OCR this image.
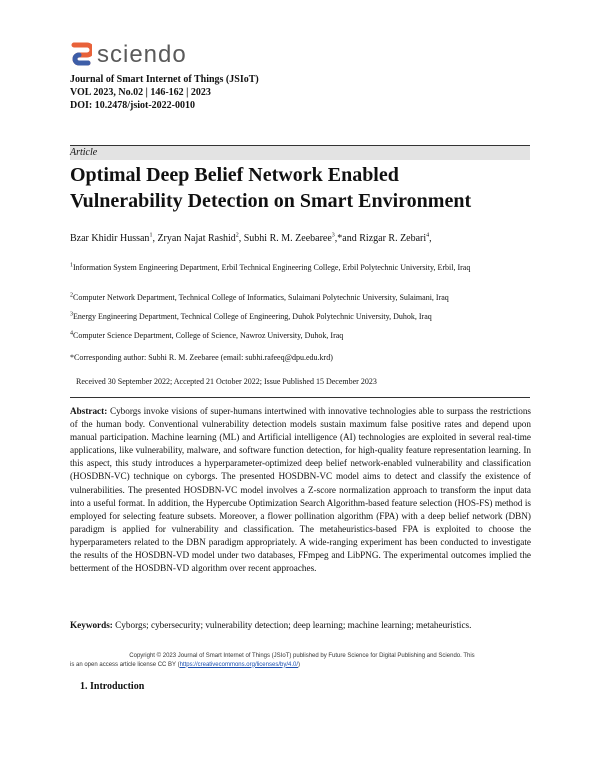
sciendo
Journal of Smart Internet of Things (JSIoT)
VOL 2023, No.02 | 146-162 | 2023
DOI: 10.2478/jsiot-2022-0010
Article
Optimal Deep Belief Network Enabled
Vulnerability Detection on Smart Environment
Bzar Khidir Hussan$^1$, Zryan Najat Rashid$^2$, Subhi R. M. Zeebaree$^3$,*and Rizgar R. Zebari$^4$,
$^1$Information System Engineering Department, Erbil Technical Engineering College, Erbil Polytechnic University, Erbil, Iraq
$^2$Computer Network Department, Technical College of Informatics, Sulaimani Polytechnic University, Sulaimani, Iraq
$^3$Energy Engineering Department, Technical College of Engineering, Duhok Polytechnic University, Duhok, Iraq
$^4$Computer Science Department, College of Science, Nawroz University, Duhok, Iraq
*Corresponding author: Subhi R. M. Zeebaree (email: subhi.rafeeq@dpu.edu.krd)
Received 30 September 2022; Accepted 21 October 2022; Issue Published 15 December 2023
Abstract: Cyborgs invoke visions of super-humans intertwined with innovative technologies able to surpass the restrictions of the human body. Conventional vulnerability detection models sustain maximum false positive rates and depend upon manual participation. Machine learning (ML) and Artificial intelligence (AI) technologies are exploited in several real-time applications, like vulnerability, malware, and software function detection, for high-quality feature representation learning. In this aspect, this study introduces a hyperparameter-optimized deep belief network-enabled vulnerability and classification (HOSDBN-VC) technique on cyborgs. The presented HOSDBN-VC model aims to detect and classify the existence of vulnerabilities. The presented HOSDBN-VC model involves a Z-score normalization approach to transform the input data into a useful format. In addition, the Hypercube Optimization Search Algorithm-based feature selection (HOS-FS) method is employed for selecting feature subsets. Moreover, a flower pollination algorithm (FPA) with a deep belief network (DBN) paradigm is applied for vulnerability and classification. The metaheuristics-based FPA is exploited to choose the hyperparameters related to the DBN paradigm appropriately. A wide-ranging experiment has been conducted to investigate the results of the HOSDBN-VD model under two databases, FFmpeg and LibPNG. The experimental outcomes implied the betterment of the HOSDBN-VD algorithm over recent approaches.
Keywords: Cyborgs; cybersecurity; vulnerability detection; deep learning; machine learning; metaheuristics.
Copyright © 2023 Journal of Smart Internet of Things (JSIoT) published by Future Science for Digital Publishing and Sciendo. This
is an open access article license CC BY (https://creativecommons.org/licenses/by/4.0/)
1. Introduction
